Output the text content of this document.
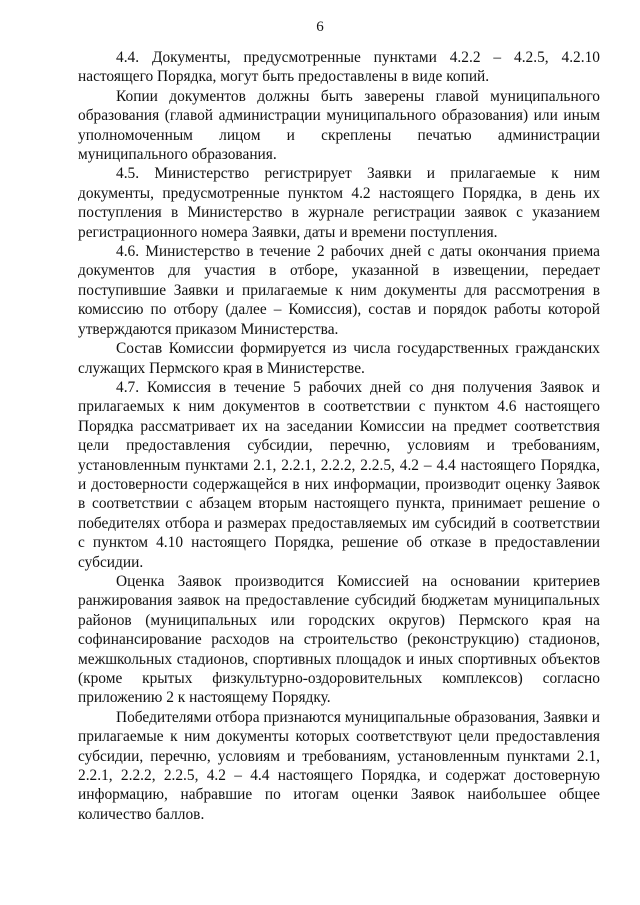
6

4.4. Документы, предусмотренные пунктами 4.2.2 – 4.2.5, 4.2.10 настоящего Порядка, могут быть предоставлены в виде копий.

Копии документов должны быть заверены главой муниципального образования (главой администрации муниципального образования) или иным уполномоченным лицом и скреплены печатью администрации муниципального образования.

4.5. Министерство регистрирует Заявки и прилагаемые к ним документы, предусмотренные пунктом 4.2 настоящего Порядка, в день их поступления в Министерство в журнале регистрации заявок с указанием регистрационного номера Заявки, даты и времени поступления.

4.6. Министерство в течение 2 рабочих дней с даты окончания приема документов для участия в отборе, указанной в извещении, передает поступившие Заявки и прилагаемые к ним документы для рассмотрения в комиссию по отбору (далее – Комиссия), состав и порядок работы которой утверждаются приказом Министерства.

Состав Комиссии формируется из числа государственных гражданских служащих Пермского края в Министерстве.

4.7. Комиссия в течение 5 рабочих дней со дня получения Заявок и прилагаемых к ним документов в соответствии с пунктом 4.6 настоящего Порядка рассматривает их на заседании Комиссии на предмет соответствия цели предоставления субсидии, перечню, условиям и требованиям, установленным пунктами 2.1, 2.2.1, 2.2.2, 2.2.5, 4.2 – 4.4 настоящего Порядка, и достоверности содержащейся в них информации, производит оценку Заявок в соответствии с абзацем вторым настоящего пункта, принимает решение о победителях отбора и размерах предоставляемых им субсидий в соответствии с пунктом 4.10 настоящего Порядка, решение об отказе в предоставлении субсидии.

Оценка Заявок производится Комиссией на основании критериев ранжирования заявок на предоставление субсидий бюджетам муниципальных районов (муниципальных или городских округов) Пермского края на софинансирование расходов на строительство (реконструкцию) стадионов, межшкольных стадионов, спортивных площадок и иных спортивных объектов (кроме крытых физкультурно-оздоровительных комплексов) согласно приложению 2 к настоящему Порядку.

Победителями отбора признаются муниципальные образования, Заявки и прилагаемые к ним документы которых соответствуют цели предоставления субсидии, перечню, условиям и требованиям, установленным пунктами 2.1, 2.2.1, 2.2.2, 2.2.5, 4.2 – 4.4 настоящего Порядка, и содержат достоверную информацию, набравшие по итогам оценки Заявок наибольшее общее количество баллов.
